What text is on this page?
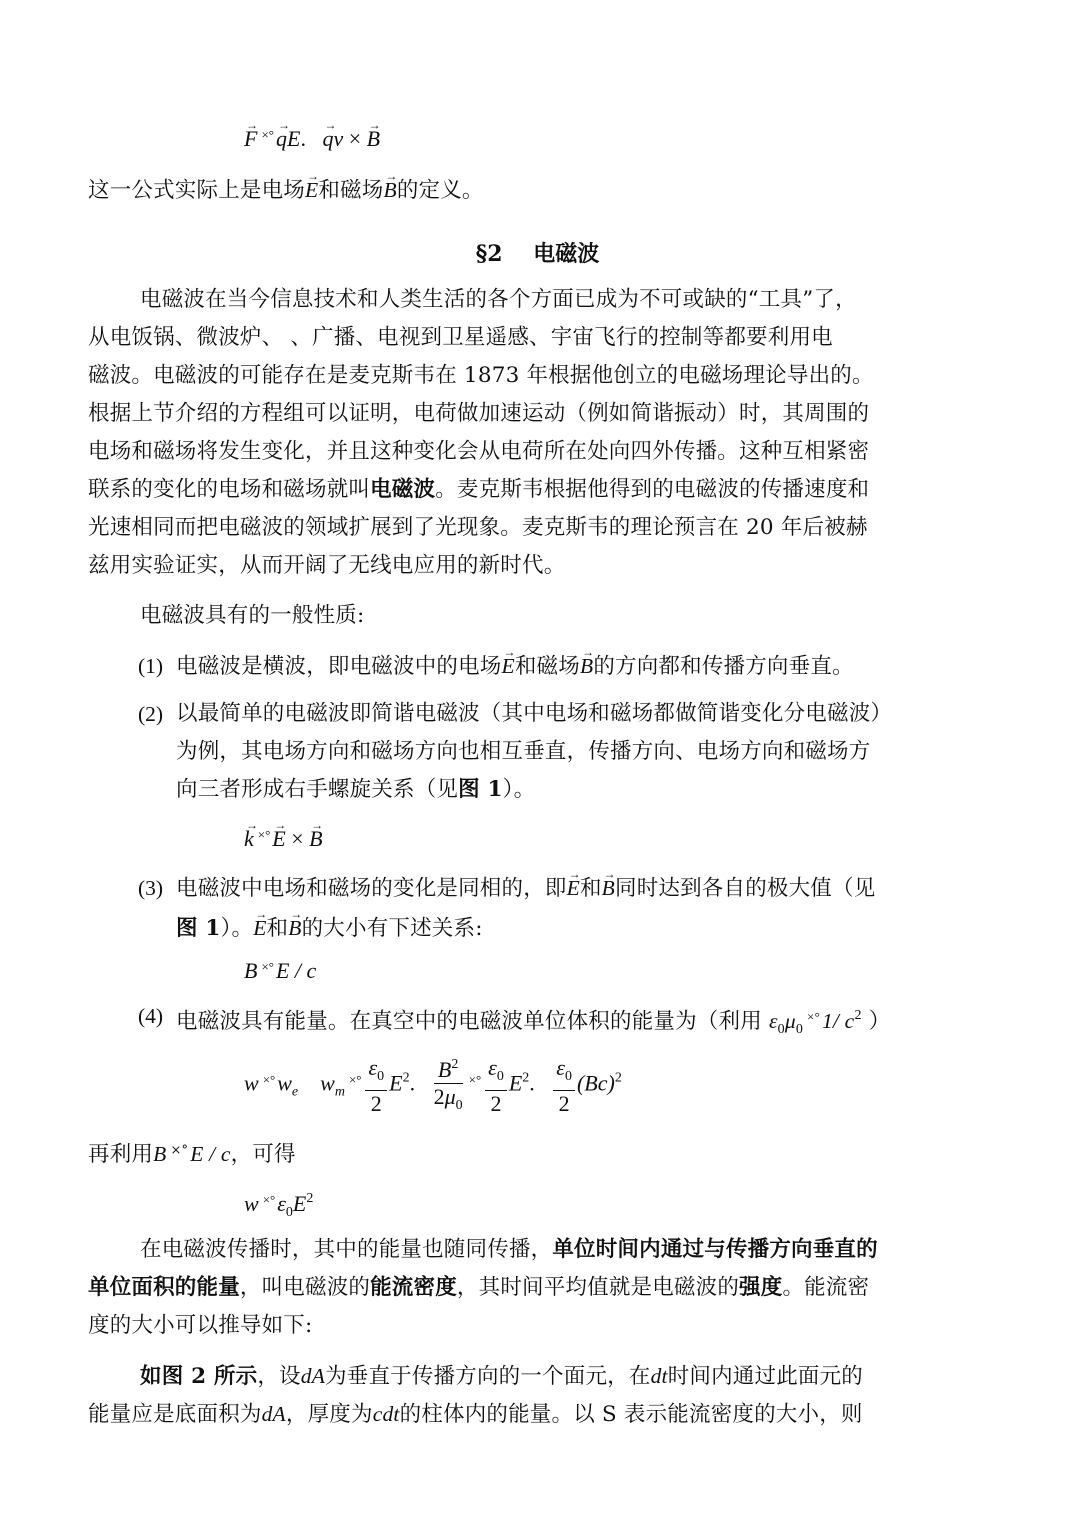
→ F ×°→ qE. → qv × → B
这一公式实际上是电场→ E和磁场→ B的定义。
§2 电磁波
电磁波在当今信息技术和人类生活的各个方面已成为不可或缺的“工具”了，
从电饭锅、微波炉、 、广播、电视到卫星遥感、宇宙飞行的控制等都要利用电
磁波。电磁波的可能存在是麦克斯韦在 1873 年根据他创立的电磁场理论导出的。
根据上节介绍的方程组可以证明，电荷做加速运动（例如简谐振动）时，其周围的
电场和磁场将发生变化，并且这种变化会从电荷所在处向四外传播。这种互相紧密
联系的变化的电场和磁场就叫电磁波。麦克斯韦根据他得到的电磁波的传播速度和
光速相同而把电磁波的领域扩展到了光现象。麦克斯韦的理论预言在 20 年后被赫
兹用实验证实，从而开阔了无线电应用的新时代。
电磁波具有的一般性质:
(1) 电磁波是横波，即电磁波中的电场→ E和磁场→ B的方向都和传播方向垂直。
(2) 以最简单的电磁波即简谐电磁波（其中电场和磁场都做简谐变化分电磁波）
为例，其电场方向和磁场方向也相互垂直，传播方向、电场方向和磁场方
向三者形成右手螺旋关系（见图 1）。
→ k ×°→ E × → B
(3) 电磁波中电场和磁场的变化是同相的，即→ E和→ B同时达到各自的极大值（见
图 1）。→ E和→ B的大小有下述关系:
B ×°E / c
(4) 电磁波具有能量。在真空中的电磁波单位体积的能量为（利用 $\varepsilon_0\mu_0^{\times^\circ}1/$ $c^2$ ）
w $^{\times^\circ}w_e$ $w_m^{\times^\circ} \frac{\varepsilon_0}{2} E^2$. $\frac{B^2}{2\mu_0} ^{\times^\circ} \frac{\varepsilon_0}{2} E^2$. $\frac{\varepsilon_0}{2} (Bc)^2$
再利用B ×°E / c，可得
w $^{\times^\circ}\varepsilon_0E^2$
在电磁波传播时，其中的能量也随同传播，单位时间内通过与传播方向垂直的
单位面积的能量，叫电磁波的能流密度，其时间平均值就是电磁波的强度。能流密
度的大小可以推导如下:
如图 2 所示，设dA为垂直于传播方向的一个面元，在dt时间内通过此面元的
能量应是底面积为dA，厚度为cdt的柱体内的能量。以 S 表示能流密度的大小，则
